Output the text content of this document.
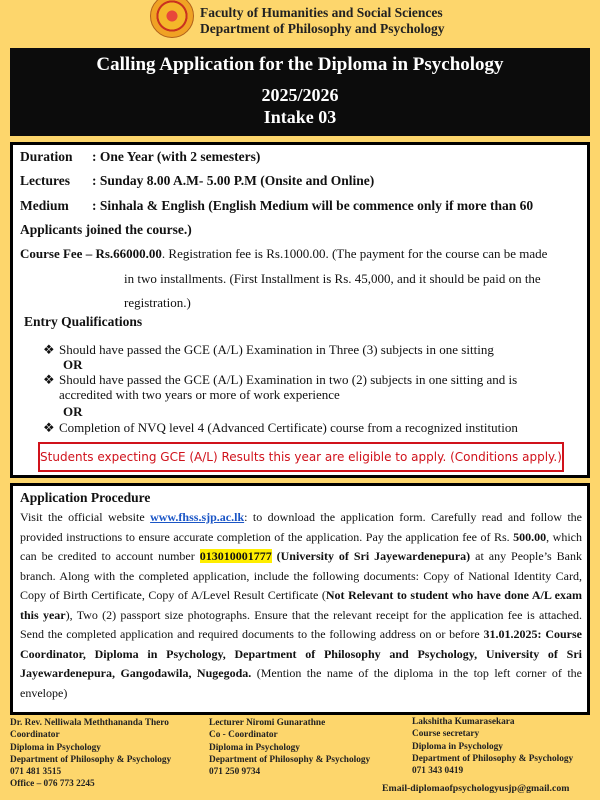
Faculty of Humanities and Social Sciences
Department of Philosophy and Psychology
Calling Application for the Diploma in Psychology
2025/2026
Intake 03
Duration : One Year (with 2 semesters)
Lectures : Sunday 8.00 A.M- 5.00 P.M (Onsite and Online)
Medium : Sinhala & English (English Medium will be commence only if more than 60
Applicants joined the course.)
Course Fee – Rs.66000.00. Registration fee is Rs.1000.00. (The payment for the course can be made
in two installments. (First Installment is Rs. 45,000, and it should be paid on the
registration.)
Entry Qualifications
❖ Should have passed the GCE (A/L) Examination in Three (3) subjects in one sitting
OR
❖ Should have passed the GCE (A/L) Examination in two (2) subjects in one sitting and is accredited with two years or more of work experience
OR
❖ Completion of NVQ level 4 (Advanced Certificate) course from a recognized institution
Students expecting GCE (A/L) Results this year are eligible to apply. (Conditions apply.)
Application Procedure
Visit the official website www.fhss.sjp.ac.lk: to download the application form. Carefully read and follow the provided instructions to ensure accurate completion of the application. Pay the application fee of Rs. 500.00, which can be credited to account number 013010001777 (University of Sri Jayewardenepura) at any People’s Bank branch. Along with the completed application, include the following documents: Copy of National Identity Card, Copy of Birth Certificate, Copy of A/Level Result Certificate (Not Relevant to student who have done A/L exam this year), Two (2) passport size photographs. Ensure that the relevant receipt for the application fee is attached. Send the completed application and required documents to the following address on or before 31.01.2025: Course Coordinator, Diploma in Psychology, Department of Philosophy and Psychology, University of Sri Jayewardenepura, Gangodawila, Nugegoda. (Mention the name of the diploma in the top left corner of the envelope)
Dr. Rev. Nelliwala Meththananda Thero
Coordinator
Diploma in Psychology
Department of Philosophy & Psychology
071 481 3515
Office – 076 773 2245
Lecturer Niromi Gunarathne
Co - Coordinator
Diploma in Psychology
Department of Philosophy & Psychology
071 250 9734
Lakshitha Kumarasekara
Course secretary
Diploma in Psychology
Department of Philosophy & Psychology
071 343 0419
Email-diplomaofpsychologyusjp@gmail.com
